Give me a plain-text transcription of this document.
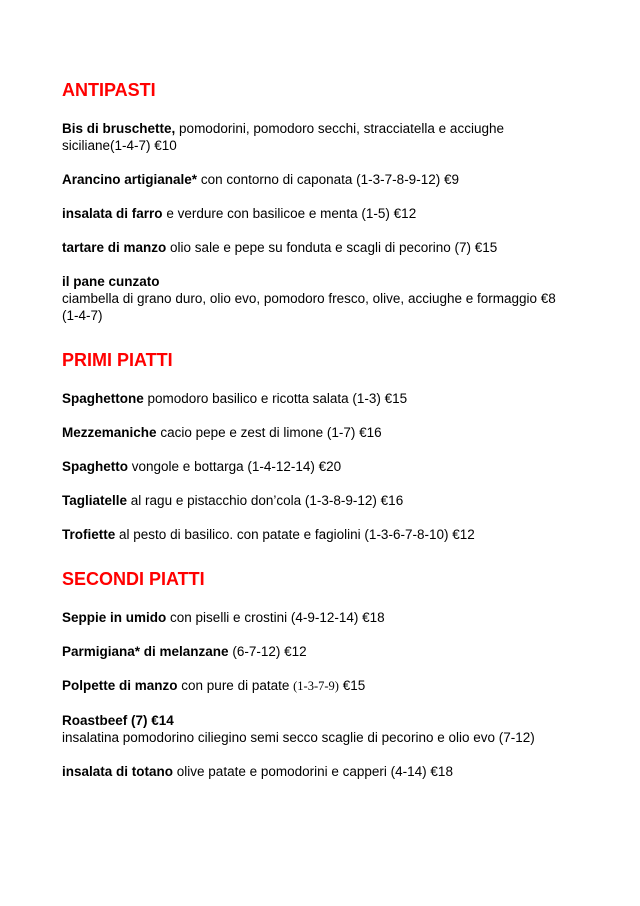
ANTIPASTI

Bis di bruschette, pomodorini, pomodoro secchi, stracciatella e acciughe siciliane(1-4-7) €10

Arancino artigianale* con contorno di caponata (1-3-7-8-9-12) €9

insalata di farro e verdure con basilicoe e menta (1-5) €12

tartare di manzo olio sale e pepe su fonduta e scagli di pecorino (7) €15

il pane cunzato
ciambella di grano duro, olio evo, pomodoro fresco, olive, acciughe e formaggio €8 (1-4-7)

PRIMI PIATTI

Spaghettone pomodoro basilico e ricotta salata (1-3) €15

Mezzemaniche cacio pepe e zest di limone (1-7) €16

Spaghetto vongole e bottarga (1-4-12-14) €20

Tagliatelle al ragu e pistacchio don’cola (1-3-8-9-12) €16

Trofiette al pesto di basilico. con patate e fagiolini (1-3-6-7-8-10) €12

SECONDI PIATTI

Seppie in umido con piselli e crostini (4-9-12-14) €18

Parmigiana* di melanzane (6-7-12) €12

Polpette di manzo con pure di patate (1-3-7-9) €15

Roastbeef (7) €14
insalatina pomodorino ciliegino semi secco scaglie di pecorino e olio evo (7-12)

insalata di totano olive patate e pomodorini e capperi (4-14) €18
